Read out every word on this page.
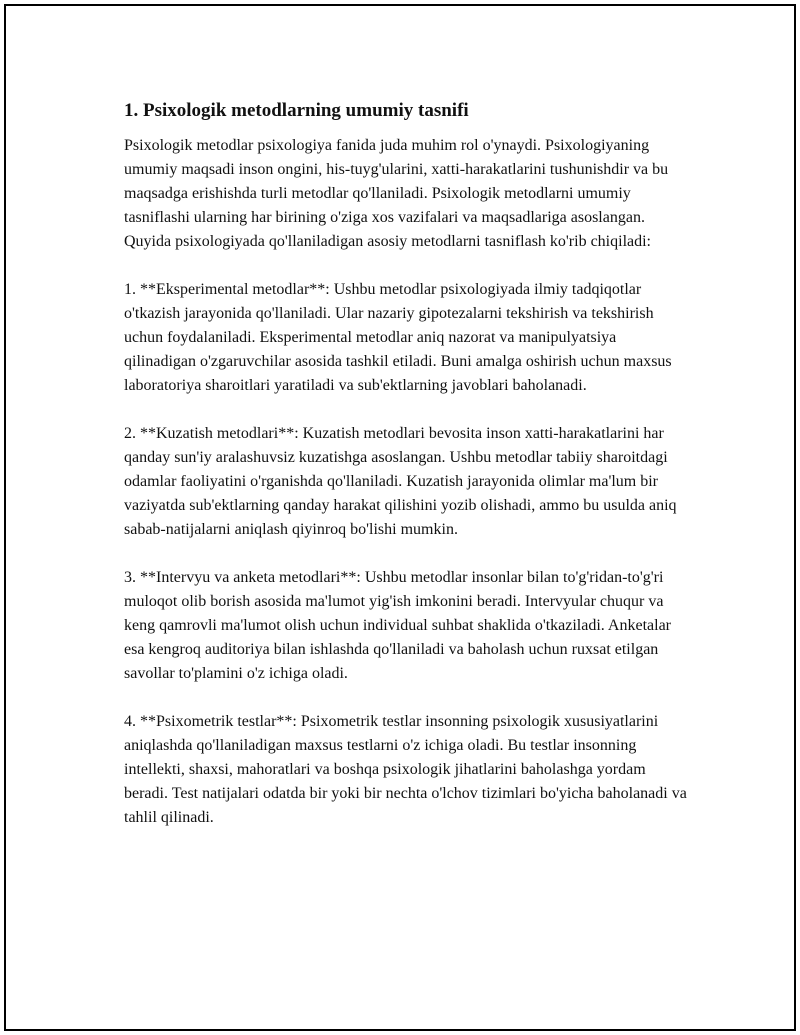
1. Psixologik metodlarning umumiy tasnifi

Psixologik metodlar psixologiya fanida juda muhim rol o'ynaydi. Psixologiyaning umumiy maqsadi inson ongini, his-tuyg'ularini, xatti-harakatlarini tushunishdir va bu maqsadga erishishda turli metodlar qo'llaniladi. Psixologik metodlarni umumiy tasniflashi ularning har birining o'ziga xos vazifalari va maqsadlariga asoslangan. Quyida psixologiyada qo'llaniladigan asosiy metodlarni tasniflash ko'rib chiqiladi:

1. **Eksperimental metodlar**: Ushbu metodlar psixologiyada ilmiy tadqiqotlar o'tkazish jarayonida qo'llaniladi. Ular nazariy gipotezalarni tekshirish va tekshirish uchun foydalaniladi. Eksperimental metodlar aniq nazorat va manipulyatsiya qilinadigan o'zgaruvchilar asosida tashkil etiladi. Buni amalga oshirish uchun maxsus laboratoriya sharoitlari yaratiladi va sub'ektlarning javoblari baholanadi.

2. **Kuzatish metodlari**: Kuzatish metodlari bevosita inson xatti-harakatlarini har qanday sun'iy aralashuvsiz kuzatishga asoslangan. Ushbu metodlar tabiiy sharoitdagi odamlar faoliyatini o'rganishda qo'llaniladi. Kuzatish jarayonida olimlar ma'lum bir vaziyatda sub'ektlarning qanday harakat qilishini yozib olishadi, ammo bu usulda aniq sabab-natijalarni aniqlash qiyinroq bo'lishi mumkin.

3. **Intervyu va anketa metodlari**: Ushbu metodlar insonlar bilan to'g'ridan-to'g'ri muloqot olib borish asosida ma'lumot yig'ish imkonini beradi. Intervyular chuqur va keng qamrovli ma'lumot olish uchun individual suhbat shaklida o'tkaziladi. Anketalar esa kengroq auditoriya bilan ishlashda qo'llaniladi va baholash uchun ruxsat etilgan savollar to'plamini o'z ichiga oladi.

4. **Psixometrik testlar**: Psixometrik testlar insonning psixologik xususiyatlarini aniqlashda qo'llaniladigan maxsus testlarni o'z ichiga oladi. Bu testlar insonning intellekti, shaxsi, mahoratlari va boshqa psixologik jihatlarini baholashga yordam beradi. Test natijalari odatda bir yoki bir nechta o'lchov tizimlari bo'yicha baholanadi va tahlil qilinadi.
